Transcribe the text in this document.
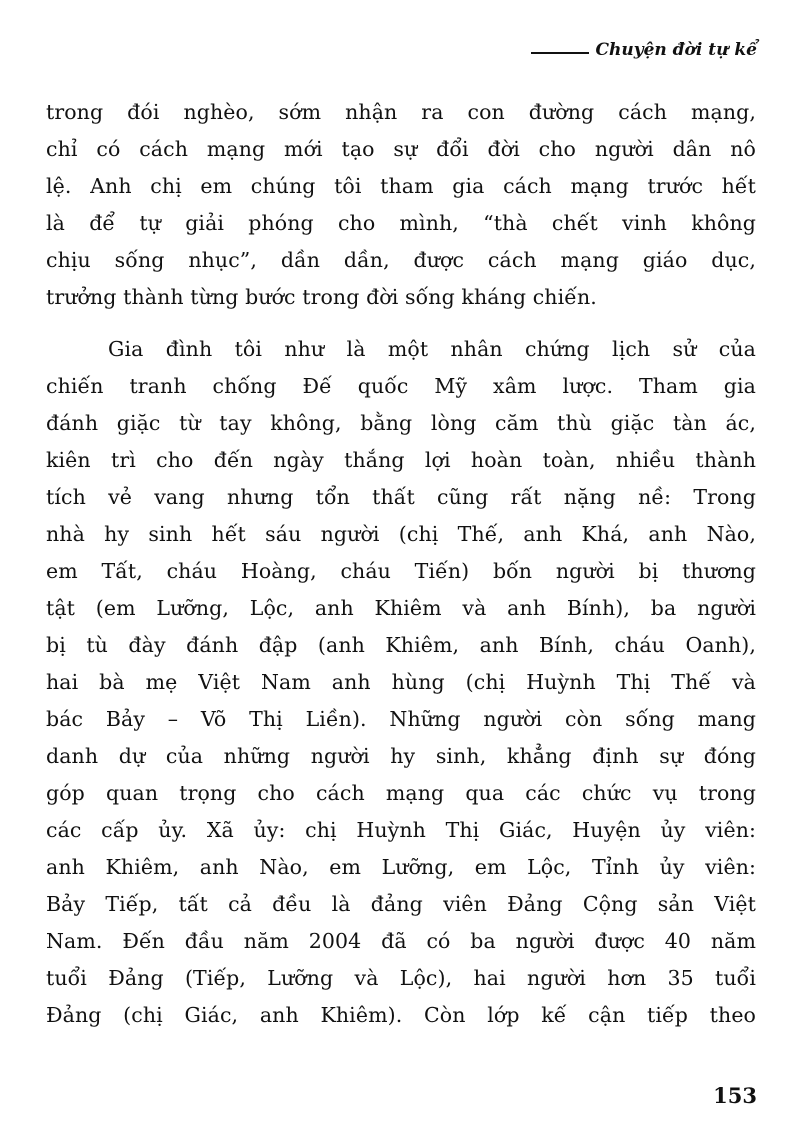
Chuyện đời tự kể

trong đói nghèo, sớm nhận ra con đường cách mạng,
chỉ có cách mạng mới tạo sự đổi đời cho người dân nô
lệ. Anh chị em chúng tôi tham gia cách mạng trước hết
là để tự giải phóng cho mình, “thà chết vinh không
chịu sống nhục”, dần dần, được cách mạng giáo dục,
trưởng thành từng bước trong đời sống kháng chiến.

Gia đình tôi như là một nhân chứng lịch sử của
chiến tranh chống Đế quốc Mỹ xâm lược. Tham gia
đánh giặc từ tay không, bằng lòng căm thù giặc tàn ác,
kiên trì cho đến ngày thắng lợi hoàn toàn, nhiều thành
tích vẻ vang nhưng tổn thất cũng rất nặng nề: Trong
nhà hy sinh hết sáu người (chị Thế, anh Khá, anh Nào,
em Tất, cháu Hoàng, cháu Tiến) bốn người bị thương
tật (em Lưỡng, Lộc, anh Khiêm và anh Bính), ba người
bị tù đày đánh đập (anh Khiêm, anh Bính, cháu Oanh),
hai bà mẹ Việt Nam anh hùng (chị Huỳnh Thị Thế và
bác Bảy – Võ Thị Liền). Những người còn sống mang
danh dự của những người hy sinh, khẳng định sự đóng
góp quan trọng cho cách mạng qua các chức vụ trong
các cấp ủy. Xã ủy: chị Huỳnh Thị Giác, Huyện ủy viên:
anh Khiêm, anh Nào, em Lưỡng, em Lộc, Tỉnh ủy viên:
Bảy Tiếp, tất cả đều là đảng viên Đảng Cộng sản Việt
Nam. Đến đầu năm 2004 đã có ba người được 40 năm
tuổi Đảng (Tiếp, Lưỡng và Lộc), hai người hơn 35 tuổi
Đảng (chị Giác, anh Khiêm). Còn lớp kế cận tiếp theo

153
